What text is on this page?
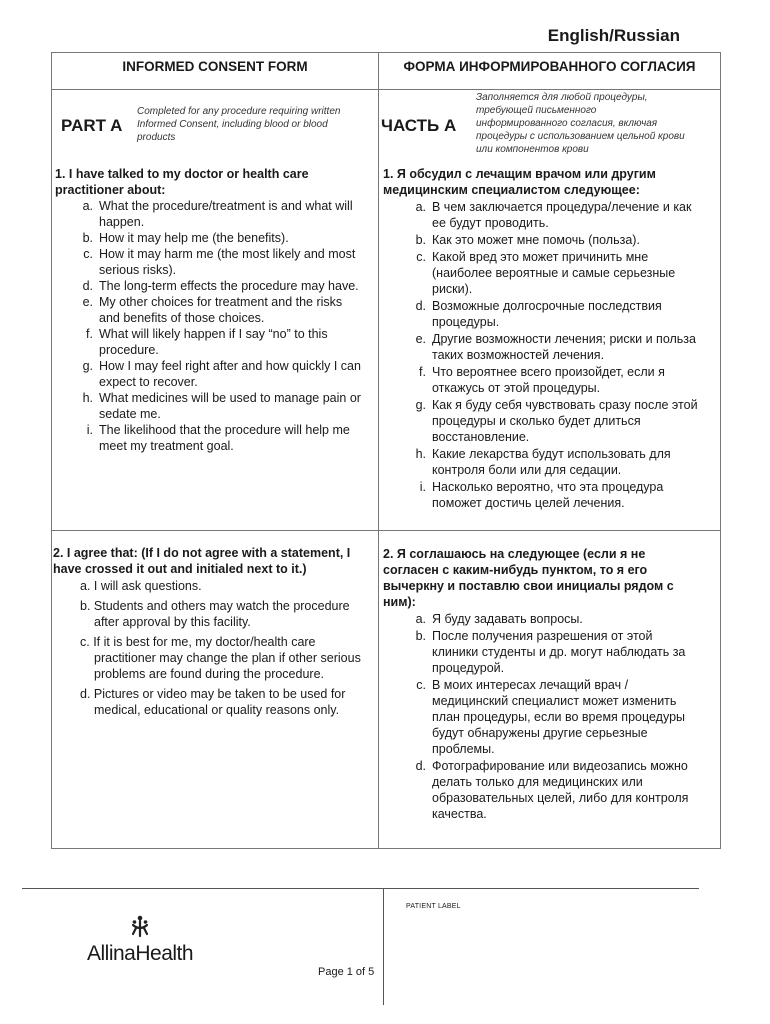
English/Russian
INFORMED CONSENT FORM	ФОРМА ИНФОРМИРОВАННОГО СОГЛАСИЯ
PART A
Completed for any procedure requiring written
Informed Consent, including blood or blood
products
ЧАСТЬ А
Заполняется для любой процедуры,
требующей письменного
информированного согласия, включая
процедуры с использованием цельной крови
или компонентов крови
1. I have talked to my doctor or health care
practitioner about:
a. What the procedure/treatment is and what will
happen.
b. How it may help me (the benefits).
c. How it may harm me (the most likely and most
serious risks).
d. The long-term effects the procedure may have.
e. My other choices for treatment and the risks
and benefits of those choices.
f. What will likely happen if I say “no” to this
procedure.
g. How I may feel right after and how quickly I can
expect to recover.
h. What medicines will be used to manage pain or
sedate me.
i. The likelihood that the procedure will help me
meet my treatment goal.
1. Я обсудил с лечащим врачом или другим
медицинским специалистом следующее:
a. В чем заключается процедура/лечение и как
ее будут проводить.
b. Как это может мне помочь (польза).
c. Какой вред это может причинить мне
(наиболее вероятные и самые серьезные
риски).
d. Возможные долгосрочные последствия
процедуры.
e. Другие возможности лечения; риски и польза
таких возможностей лечения.
f. Что вероятнее всего произойдет, если я
откажусь от этой процедуры.
g. Как я буду себя чувствовать сразу после этой
процедуры и сколько будет длиться
восстановление.
h. Какие лекарства будут использовать для
контроля боли или для седации.
i. Насколько вероятно, что эта процедура
поможет достичь целей лечения.
2. I agree that: (If I do not agree with a statement, I
have crossed it out and initialed next to it.)
a. I will ask questions.
b. Students and others may watch the procedure
after approval by this facility.
c. If it is best for me, my doctor/health care
practitioner may change the plan if other serious
problems are found during the procedure.
d. Pictures or video may be taken to be used for
medical, educational or quality reasons only.
2. Я соглашаюсь на следующее (если я не
согласен с каким-нибудь пунктом, то я его
вычеркну и поставлю свои инициалы рядом с
ним):
a. Я буду задавать вопросы.
b. После получения разрешения от этой
клиники студенты и др. могут наблюдать за
процедурой.
c. В моих интересах лечащий врач /
медицинский специалист может изменить
план процедуры, если во время процедуры
будут обнаружены другие серьезные
проблемы.
d. Фотографирование или видеозапись можно
делать только для медицинских или
образовательных целей, либо для контроля
качества.
PATIENT LABEL
Page 1 of 5
AllinaHealth
